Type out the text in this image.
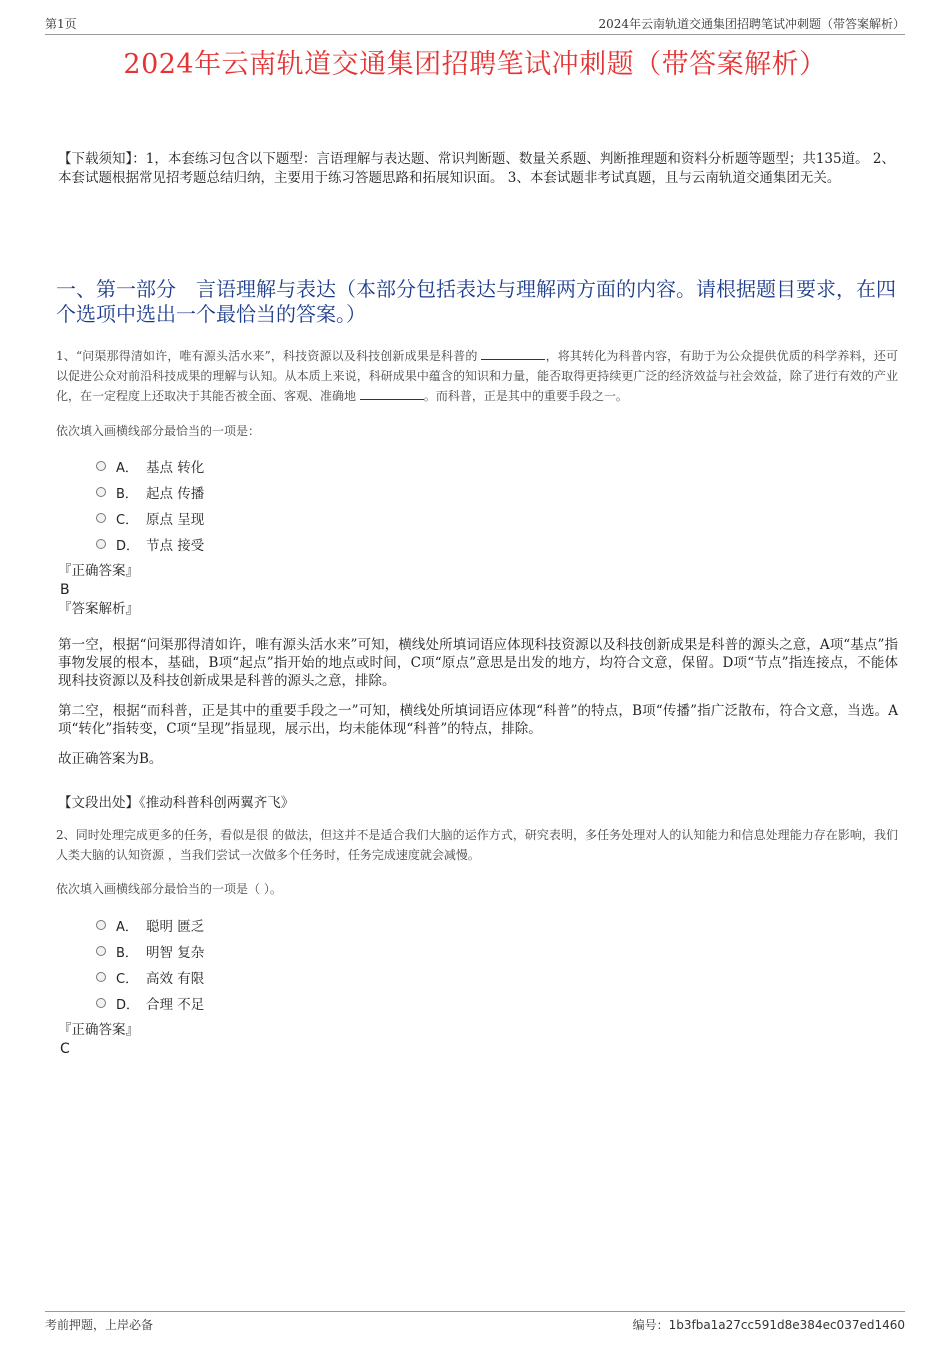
第1页	2024年云南轨道交通集团招聘笔试冲刺题（带答案解析）
2024年云南轨道交通集团招聘笔试冲刺题（带答案解析）
【下载须知】：1，本套练习包含以下题型：言语理解与表达题、常识判断题、数量关系题、判断推理题和资料分析题等题型；共135道。 2、本套试题根据常见招考题总结归纳，主要用于练习答题思路和拓展知识面。 3、本套试题非考试真题，且与云南轨道交通集团无关。
一、第一部分　言语理解与表达（本部分包括表达与理解两方面的内容。请根据题目要求，在四个选项中选出一个最恰当的答案。）

1、“问渠那得清如许，唯有源头活水来”，科技资源以及科技创新成果是科普的	，将其转化为科普内容，有助于为公众提供优质的科学养料，还可以促进公众对前沿科技成果的理解与认知。从本质上来说，科研成果中蕴含的知识和力量，能否取得更持续更广泛的经济效益与社会效益，除了进行有效的产业化，在一定程度上还取决于其能否被全面、客观、准确地	。而科普，正是其中的重要手段之一。

依次填入画横线部分最恰当的一项是：

A． 基点 转化
B． 起点 传播
C． 原点 呈现
D． 节点 接受
『正确答案』
B
『答案解析』

第一空，根据“问渠那得清如许，唯有源头活水来”可知，横线处所填词语应体现科技资源以及科技创新成果是科普的源头之意，A项“基点”指事物发展的根本，基础，B项“起点”指开始的地点或时间，C项“原点”意思是出发的地方，均符合文意，保留。D项“节点”指连接点，不能体现科技资源以及科技创新成果是科普的源头之意，排除。

第二空，根据“而科普，正是其中的重要手段之一”可知，横线处所填词语应体现“科普”的特点，B项“传播”指广泛散布，符合文意，当选。A项“转化”指转变，C项“呈现”指显现，展示出，均未能体现“科普”的特点，排除。

故正确答案为B。

【文段出处】《推动科普科创两翼齐飞》

2、同时处理完成更多的任务，看似是很 的做法，但这并不是适合我们大脑的运作方式，研究表明，多任务处理对人的认知能力和信息处理能力存在影响，我们人类大脑的认知资源 ，当我们尝试一次做多个任务时，任务完成速度就会减慢。

依次填入画横线部分最恰当的一项是（ ）。

A． 聪明 匮乏
B． 明智 复杂
C． 高效 有限
D． 合理 不足
『正确答案』
C
考前押题，上岸必备	编号：1b3fba1a27cc591d8e384ec037ed1460
